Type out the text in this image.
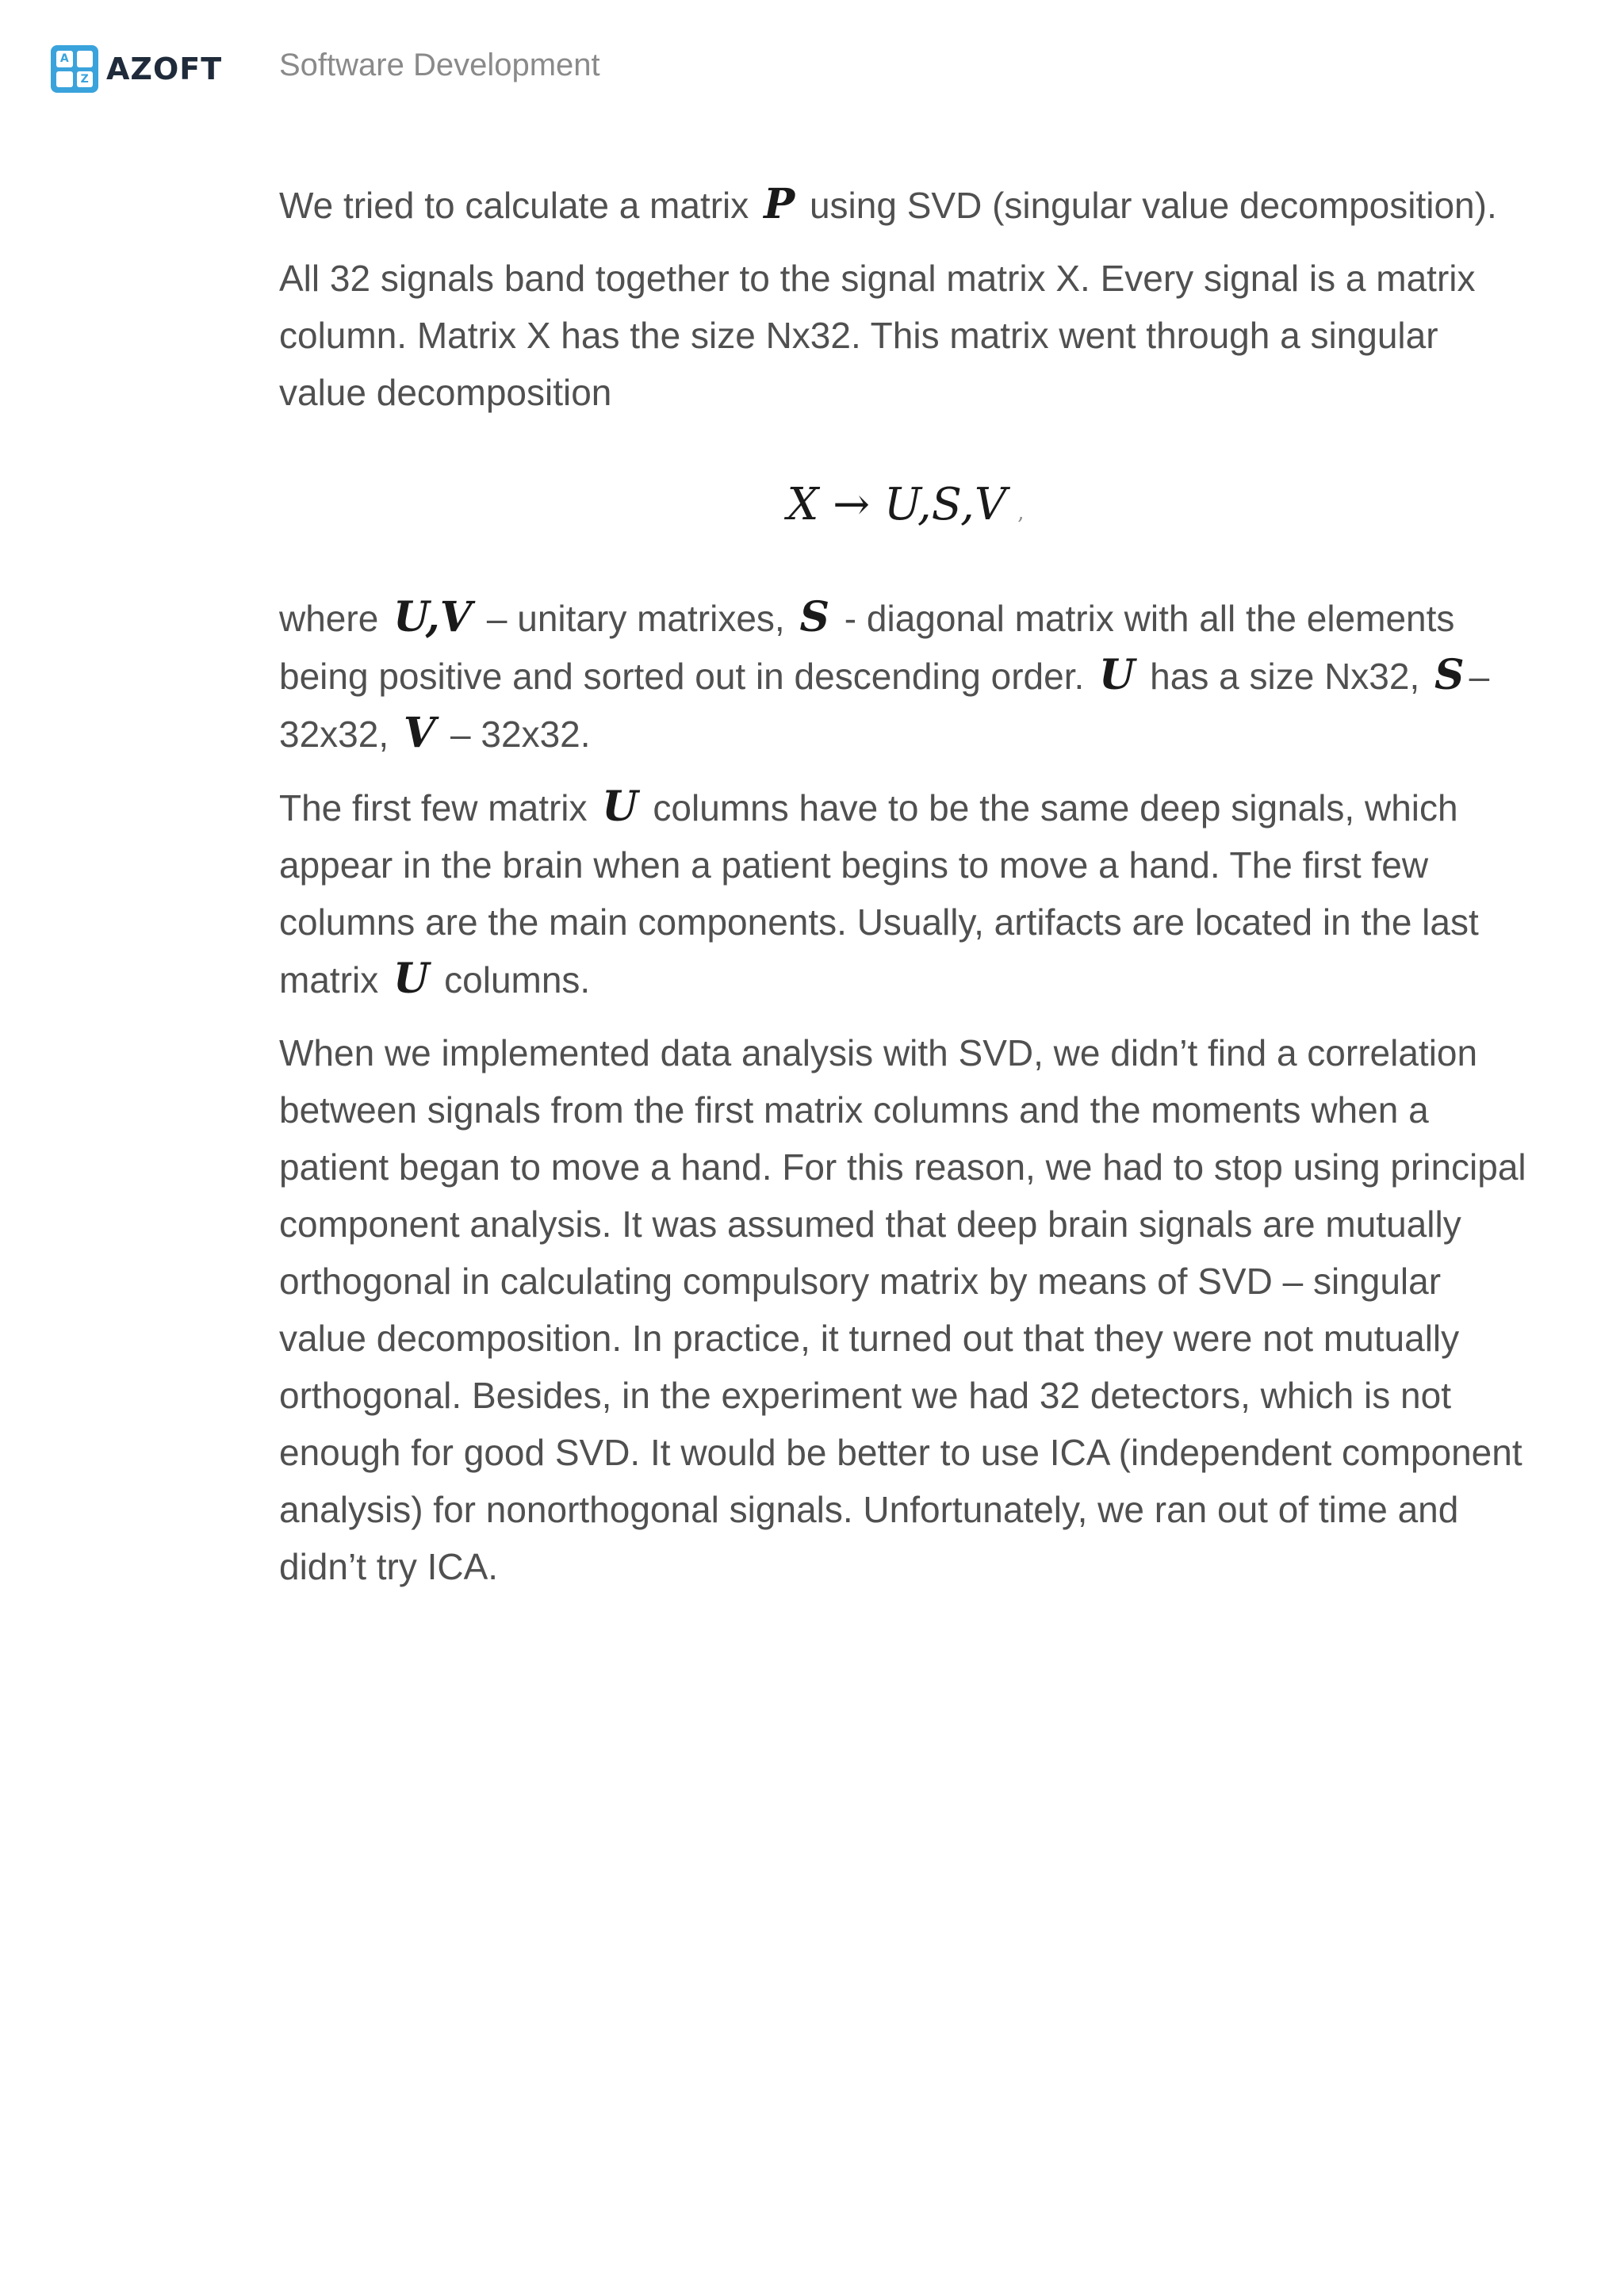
A
Z AZOFT Software Development

We tried to calculate a matrix P using SVD (singular value decomposition).

All 32 signals band together to the signal matrix X. Every signal is a matrix column. Matrix X has the size Nx32. This matrix went through a singular value decomposition

X → U,S,V ,

where U,V – unitary matrixes, S - diagonal matrix with all the elements being positive and sorted out in descending order. U has a size Nx32, S – 32x32, V – 32x32.

The first few matrix U columns have to be the same deep signals, which appear in the brain when a patient begins to move a hand. The first few columns are the main components. Usually, artifacts are located in the last matrix U columns.

When we implemented data analysis with SVD, we didn’t find a correlation between signals from the first matrix columns and the moments when a patient began to move a hand. For this reason, we had to stop using principal component analysis. It was assumed that deep brain signals are mutually orthogonal in calculating compulsory matrix by means of SVD – singular value decomposition. In practice, it turned out that they were not mutually orthogonal. Besides, in the experiment we had 32 detectors, which is not enough for good SVD. It would be better to use ICA (independent component analysis) for nonorthogonal signals. Unfortunately, we ran out of time and didn’t try ICA.
